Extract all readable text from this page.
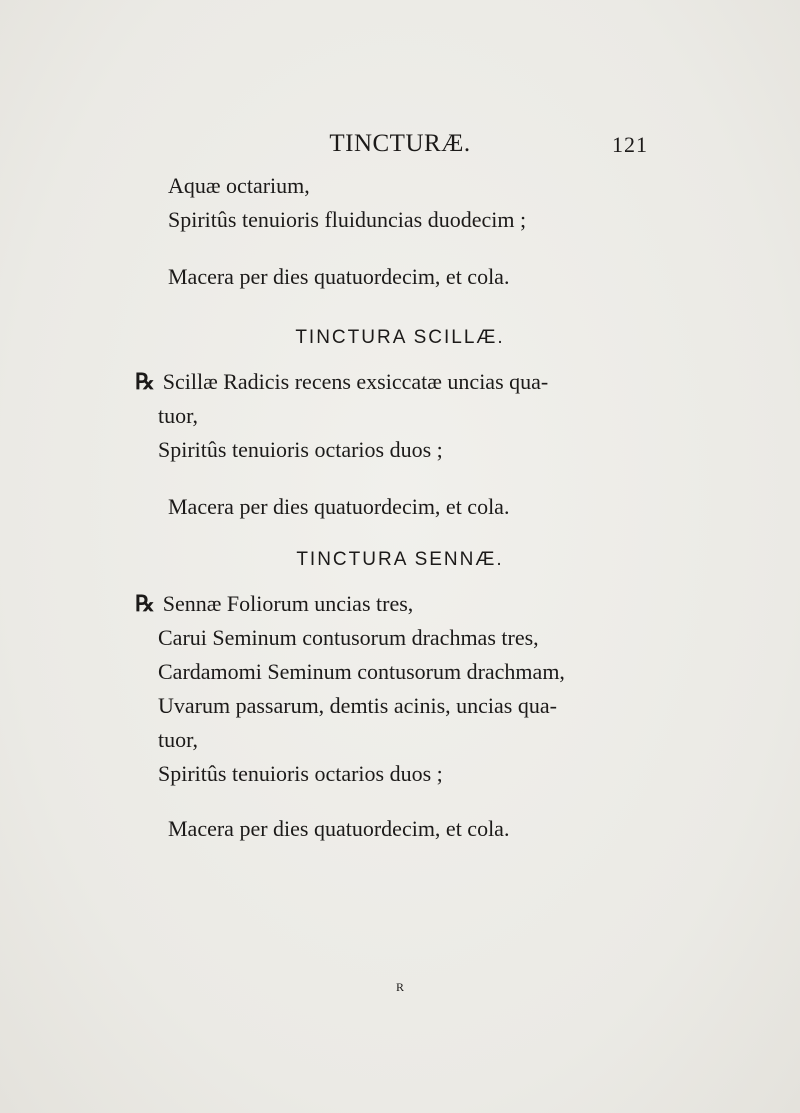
TINCTURÆ.	121
Aquæ octarium,
Spiritûs tenuioris fluiduncias duodecim ;
Macera per dies quatuordecim, et cola.
TINCTURA SCILLÆ.
℞ Scillæ Radicis recens exsiccatæ uncias qua-
tuor,
Spiritûs tenuioris octarios duos ;
Macera per dies quatuordecim, et cola.
TINCTURA SENNÆ.
℞ Sennæ Foliorum uncias tres,
Carui Seminum contusorum drachmas tres,
Cardamomi Seminum contusorum drachmam,
Uvarum passarum, demtis acinis, uncias qua-
tuor,
Spiritûs tenuioris octarios duos ;
Macera per dies quatuordecim, et cola.
R
